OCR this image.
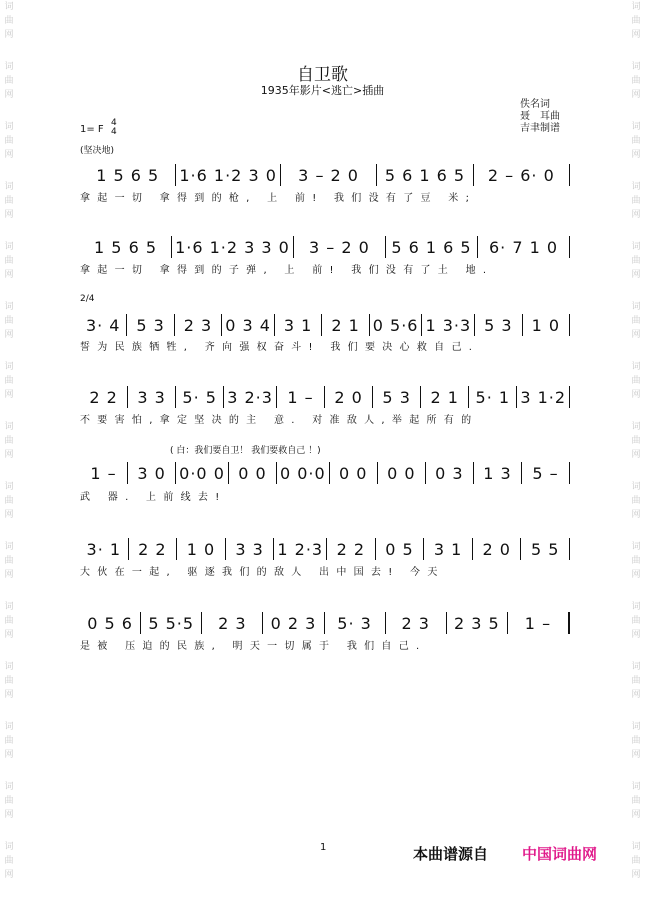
词
曲
网
词
曲
网
词
曲
网
词
曲
网
词
曲
网
词
曲
网
词
曲
网
词
曲
网
词
曲
网
词
曲
网
词
曲
网
词
曲
网
词
曲
网
词
曲
网
词
曲
网
词
曲
网
词
曲
网
词
曲
网
词
曲
网
词
曲
网
词
曲
网
词
曲
网
词
曲
网
词
曲
网
词
曲
网
词
曲
网
词
曲
网
词
曲
网
词
曲
网
词
曲
网
自卫歌
1935年影片<逃亡>插曲
佚名词
聂　耳曲
吉聿制谱
1= F
4
4
(坚决地)
2/4
( 白：我们要自卫！ 我们要救自己 ！)
1 5 6 5	1·6 1·2 3 0	3 – 2 0	5 6 1 6 5	2 – 6· 0
拿起一切 拿得到的枪, 上 前! 我们没有了豆 米;
1 5 6 5	1·6 1·2 3 3 0	3 – 2 0	5 6 1 6 5	6· 7 1 0
拿起一切 拿得到的子弹, 上 前! 我们没有了土 地.
3· 4 5 3	2 3 0 3 4 3 1	2 1 0 5·6 1 3·3 5 3	1 0
誓为民族牺牲, 齐向强权奋斗! 我们要决心救自己.
2 2	3 3	5· 5 3 2·3 1 –	2 0	5 3	2 1	5· 1 3 1·2
不要害怕,拿定坚决的主 意. 对准敌人,举起所有的
1 –	3 0 0·0 0 0 0 0 0·0 0 0	0 0	0 3	1 3	5 –
武 器. 上前线去!
3· 1	2 2	1 0	3 3 1 2·3 2 2	0 5	3 1	2 0	5 5
大伙在一起, 驱逐我们的敌人 出中国去! 今天
0 5 6 5 5·5	2 3	0 2 3	5· 3	2 3	2 3 5	1 –
是被 压迫的民族, 明天一切属于 我们自己.
1	本曲谱源自 中国词曲网
